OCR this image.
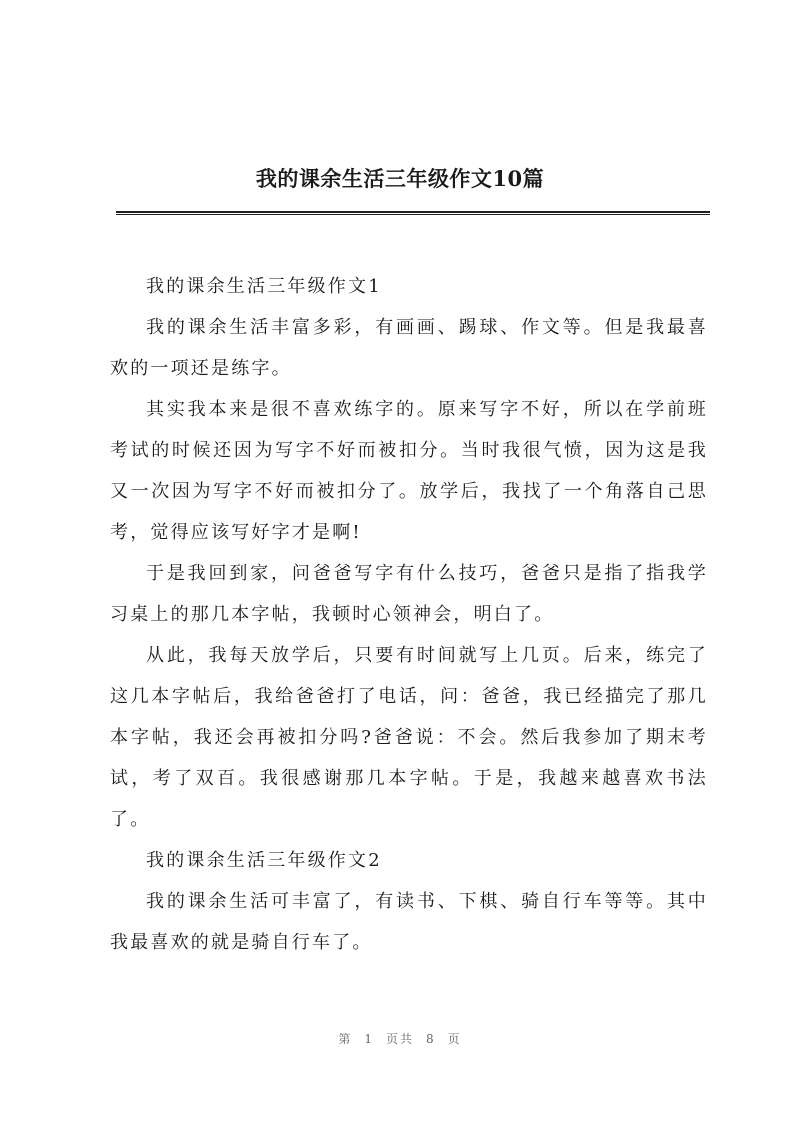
我的课余生活三年级作文10篇

我的课余生活三年级作文1

我的课余生活丰富多彩，有画画、踢球、作文等。但是我最喜欢的一项还是练字。

其实我本来是很不喜欢练字的。原来写字不好，所以在学前班考试的时候还因为写字不好而被扣分。当时我很气愤，因为这是我又一次因为写字不好而被扣分了。放学后，我找了一个角落自己思考，觉得应该写好字才是啊!

于是我回到家，问爸爸写字有什么技巧，爸爸只是指了指我学习桌上的那几本字帖，我顿时心领神会，明白了。

从此，我每天放学后，只要有时间就写上几页。后来，练完了这几本字帖后，我给爸爸打了电话，问：爸爸，我已经描完了那几本字帖，我还会再被扣分吗?爸爸说：不会。然后我参加了期末考试，考了双百。我很感谢那几本字帖。于是，我越来越喜欢书法了。

我的课余生活三年级作文2

我的课余生活可丰富了，有读书、下棋、骑自行车等等。其中我最喜欢的就是骑自行车了。

第 1 页共 8 页
